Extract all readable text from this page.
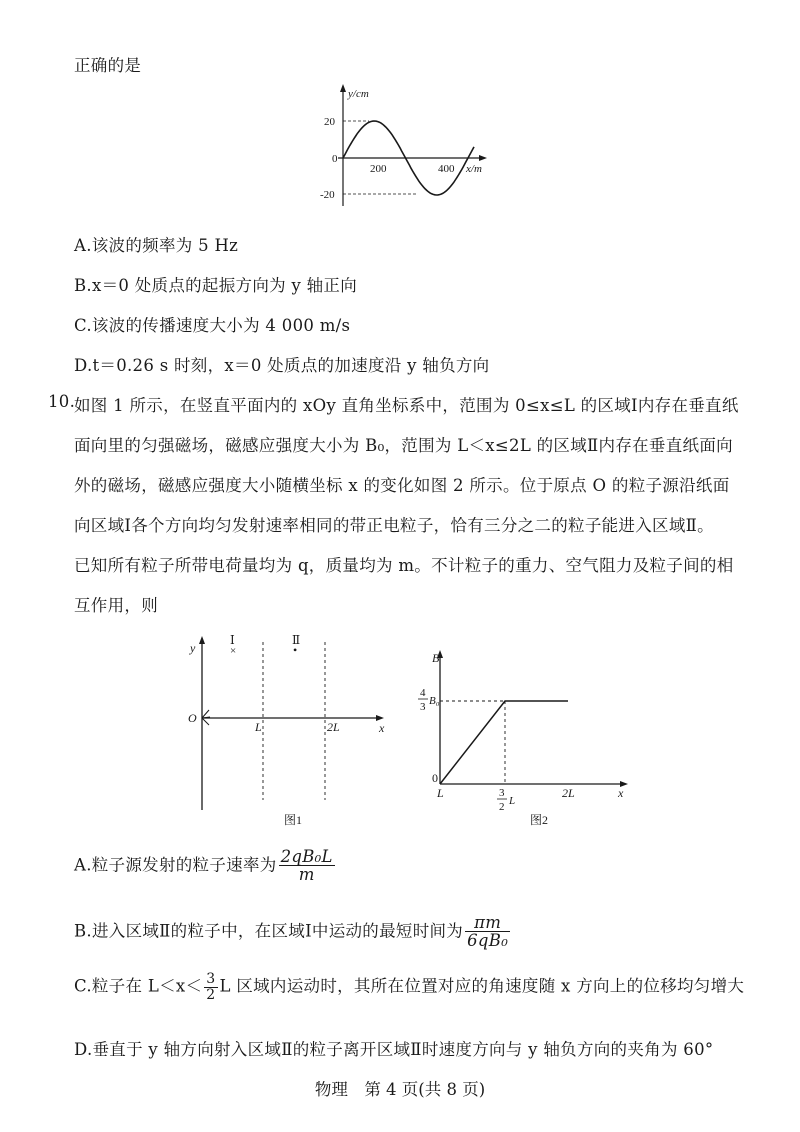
正确的是
y/cm
x/m
20
0
-20
200	400
A.该波的频率为 5 Hz
B.x＝0 处质点的起振方向为 y 轴正向
C.该波的传播速度大小为 4 000 m/s
D.t＝0.26 s 时刻，x＝0 处质点的加速度沿 y 轴负方向
10.
如图 1 所示，在竖直平面内的 xOy 直角坐标系中，范围为 0≤x≤L 的区域Ⅰ内存在垂直纸
面向里的匀强磁场，磁感应强度大小为 B₀，范围为 L＜x≤2L 的区域Ⅱ内存在垂直纸面向
外的磁场，磁感应强度大小随横坐标 x 的变化如图 2 所示。位于原点 O 的粒子源沿纸面
向区域Ⅰ各个方向均匀发射速率相同的带正电粒子，恰有三分之二的粒子能进入区域Ⅱ。
已知所有粒子所带电荷量均为 q，质量均为 m。不计粒子的重力、空气阻力及粒子间的相
互作用，则
y
x
O
Ⅰ	Ⅱ
×	•
L	2L
图1
B
x
0
4
3 B₀
L	3
2 L
2L
图2
A.粒子源发射的粒子速率为 $\frac{\text{2qB₀L}}{m}$
B.进入区域Ⅱ的粒子中，在区域Ⅰ中运动的最短时间为 $\frac{\pi m}{\text{6qB₀}}$
C.粒子在 $L<x< \frac{3}{2}$ L 区域内运动时，其所在位置对应的角速度随 x 方向上的位移均匀增大
D.垂直于 y 轴方向射入区域Ⅱ的粒子离开区域Ⅱ时速度方向与 y 轴负方向的夹角为 60°
物理　第 4 页(共 8 页)
